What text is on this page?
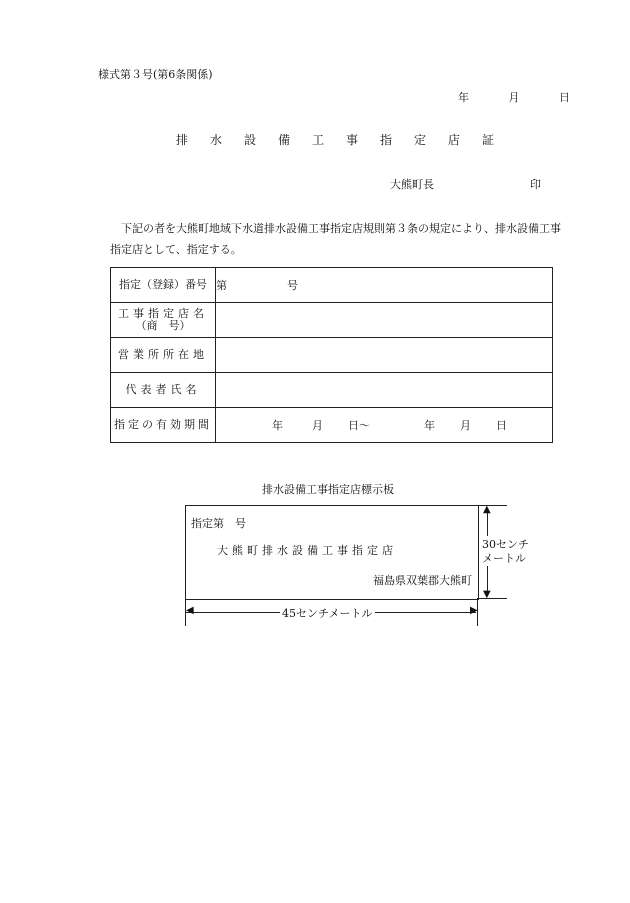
様式第３号(第6条関係)
年	月	日
排水設備工事指定店証
大熊町長	印
下記の者を大熊町地域下水道排水設備工事指定店規則第３条の規定により、排水設備工事指定店として、指定する。
指定（登録）番号	第 号

工事指定店名
（商　号）	

営業所所在地	
代表者氏名	
指定の有効期間	年 月 日～ 年 月 日
排水設備工事指定店標示板
指定第　号
大熊町排水設備工事指定店
福島県双葉郡大熊町
◀	▶
45センチメートル
▲
▼
30センチメートル
